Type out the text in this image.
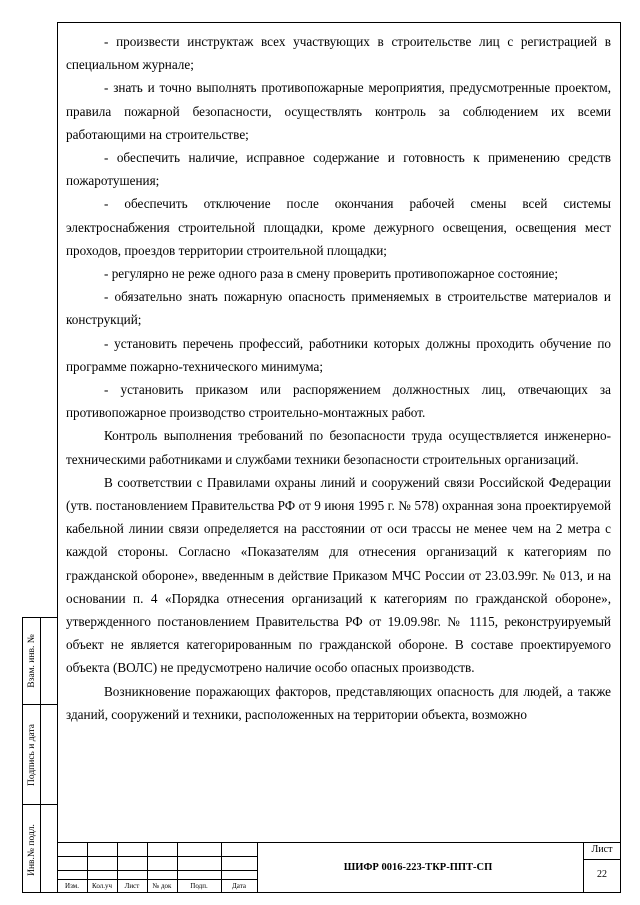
- произвести инструктаж всех участвующих в строительстве лиц с регистрацией в специальном журнале;

- знать и точно выполнять противопожарные мероприятия, предусмотренные проектом, правила пожарной безопасности, осуществлять контроль за соблюдением их всеми работающими на строительстве;

- обеспечить наличие, исправное содержание и готовность к применению средств пожаротушения;

- обеспечить отключение после окончания рабочей смены всей системы электроснабжения строительной площадки, кроме дежурного освещения, освещения мест проходов, проездов территории строительной площадки;

- регулярно не реже одного раза в смену проверить противопожарное состояние;

- обязательно знать пожарную опасность применяемых в строительстве материалов и конструкций;

- установить перечень профессий, работники которых должны проходить обучение по программе пожарно-технического минимума;

- установить приказом или распоряжением должностных лиц, отвечающих за противопожарное производство строительно-монтажных работ.

Контроль выполнения требований по безопасности труда осуществляется инженерно- техническими работниками и службами техники безопасности строительных организаций.

В соответствии с Правилами охраны линий и сооружений связи Российской Федерации (утв. постановлением Правительства РФ от 9 июня 1995 г. № 578) охранная зона проектируемой кабельной линии связи определяется на расстоянии от оси трассы не менее чем на 2 метра с каждой стороны. Согласно «Показателям для отнесения организаций к категориям по гражданской обороне», введенным в действие Приказом МЧС России от 23.03.99г. № 013, и на основании п. 4 «Порядка отнесения организаций к категориям по гражданской обороне», утвержденного постановлением Правительства РФ от 19.09.98г. № 1115, реконструируемый объект не является категорированным по гражданской обороне. В составе проектируемого объекта (ВОЛС) не предусмотрено наличие особо опасных производств.

Возникновение поражающих факторов, представляющих опасность для людей, а также зданий, сооружений и техники, расположенных на территории объекта, возможно

Взам. инв. №
Подпись и дата
Инв.№ подл.
Изм.	Кол.уч	Лист	№ док	Подп.	Дата
ШИФР 0016-223-ТКР-ППТ-СП
Лист
22
